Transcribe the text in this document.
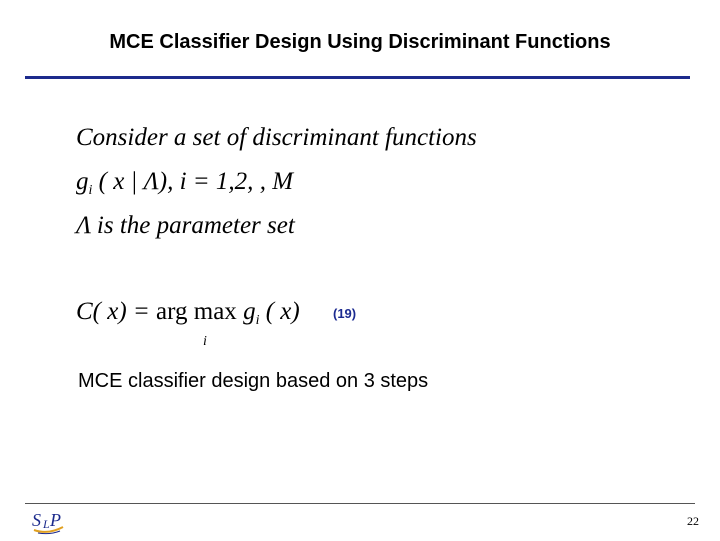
MCE Classifier Design Using Discriminant Functions
Consider a set of discriminant functions
$g_i$ ( x | Λ), i = 1,2, , M
Λ is the parameter set
C( x) = arg $\max g_i$ ( x)
i
(19)
MCE classifier design based on 3 steps
S L P	22
